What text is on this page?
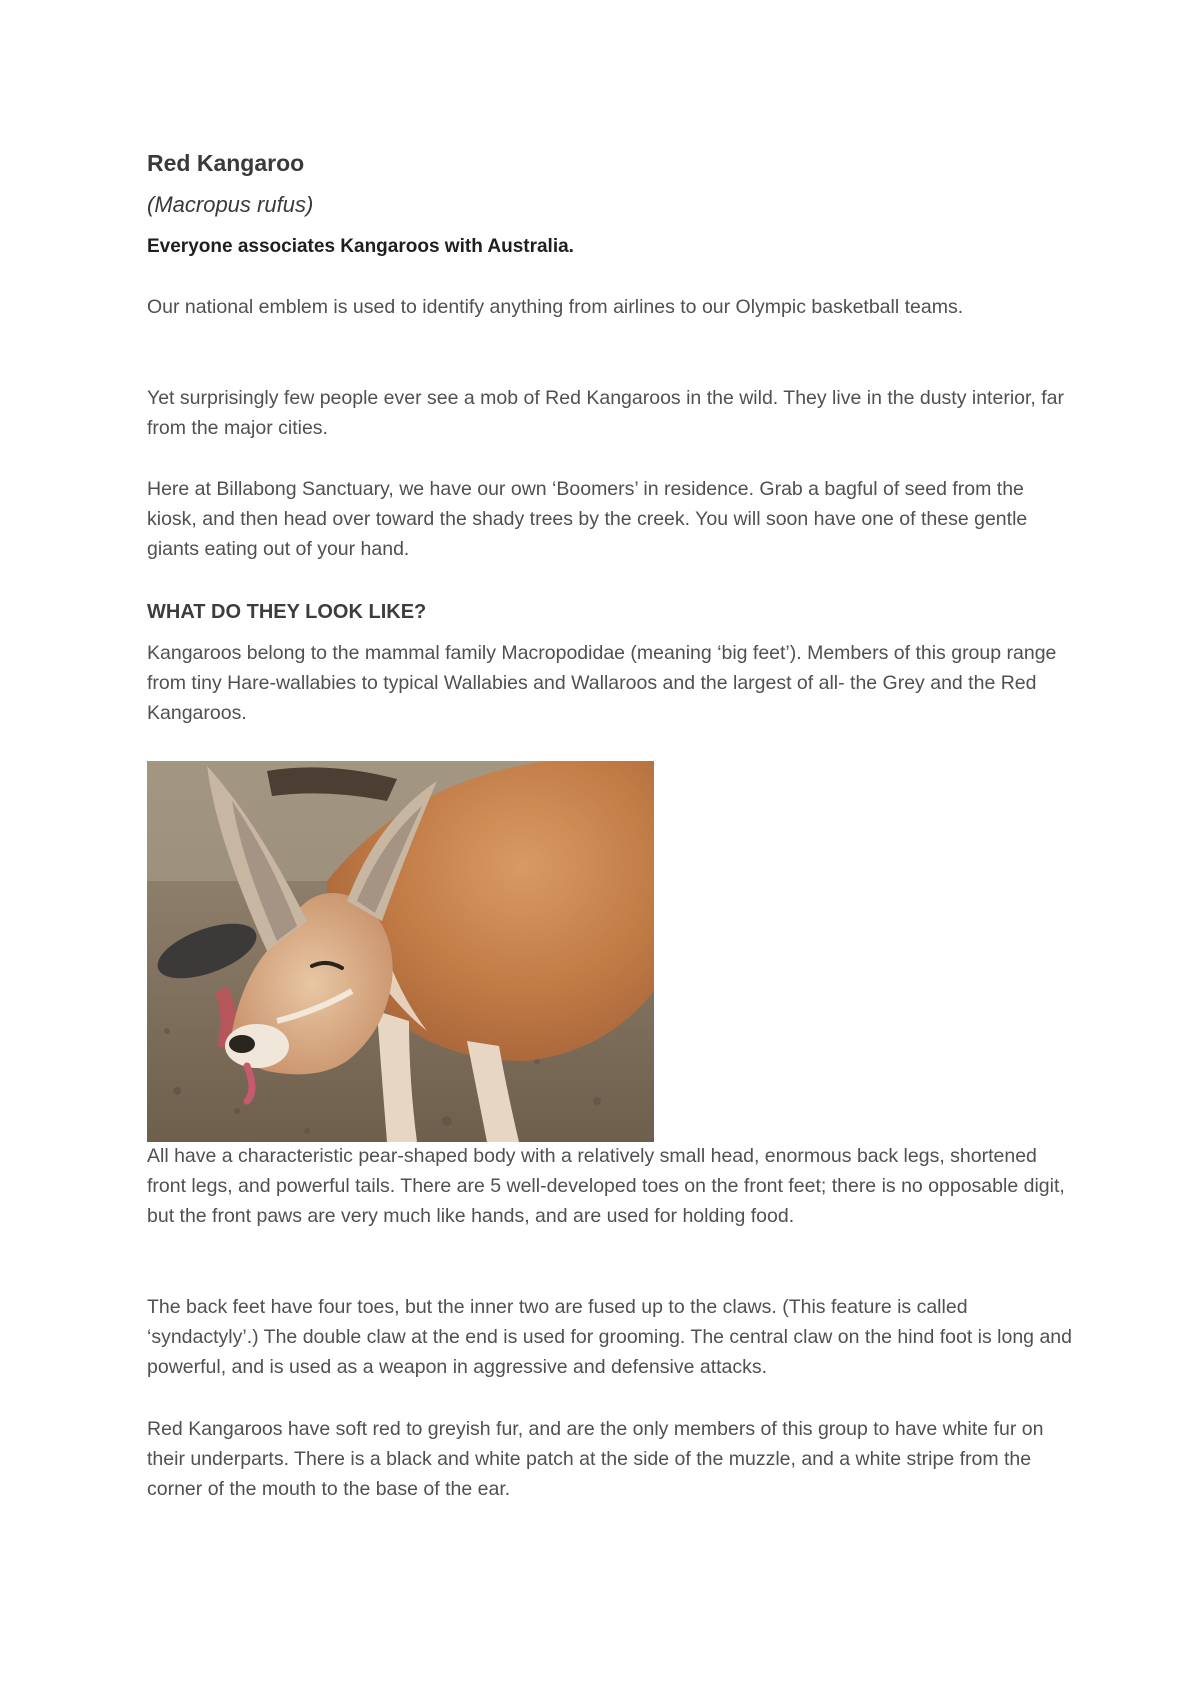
Red Kangaroo

(Macropus rufus)

Everyone associates Kangaroos with Australia.

Our national emblem is used to identify anything from airlines to our Olympic basketball teams.

Yet surprisingly few people ever see a mob of Red Kangaroos in the wild. They live in the dusty interior, far from the major cities.

Here at Billabong Sanctuary, we have our own ‘Boomers’ in residence. Grab a bagful of seed from the kiosk, and then head over toward the shady trees by the creek. You will soon have one of these gentle giants eating out of your hand.

WHAT DO THEY LOOK LIKE?

Kangaroos belong to the mammal family Macropodidae (meaning ‘big feet’). Members of this group range from tiny Hare-wallabies to typical Wallabies and Wallaroos and the largest of all- the Grey and the Red Kangaroos.

All have a characteristic pear-shaped body with a relatively small head, enormous back legs, shortened front legs, and powerful tails. There are 5 well-developed toes on the front feet; there is no opposable digit, but the front paws are very much like hands, and are used for holding food.

The back feet have four toes, but the inner two are fused up to the claws. (This feature is called ‘syndactyly’.) The double claw at the end is used for grooming. The central claw on the hind foot is long and powerful, and is used as a weapon in aggressive and defensive attacks.

Red Kangaroos have soft red to greyish fur, and are the only members of this group to have white fur on their underparts. There is a black and white patch at the side of the muzzle, and a white stripe from the corner of the mouth to the base of the ear.
